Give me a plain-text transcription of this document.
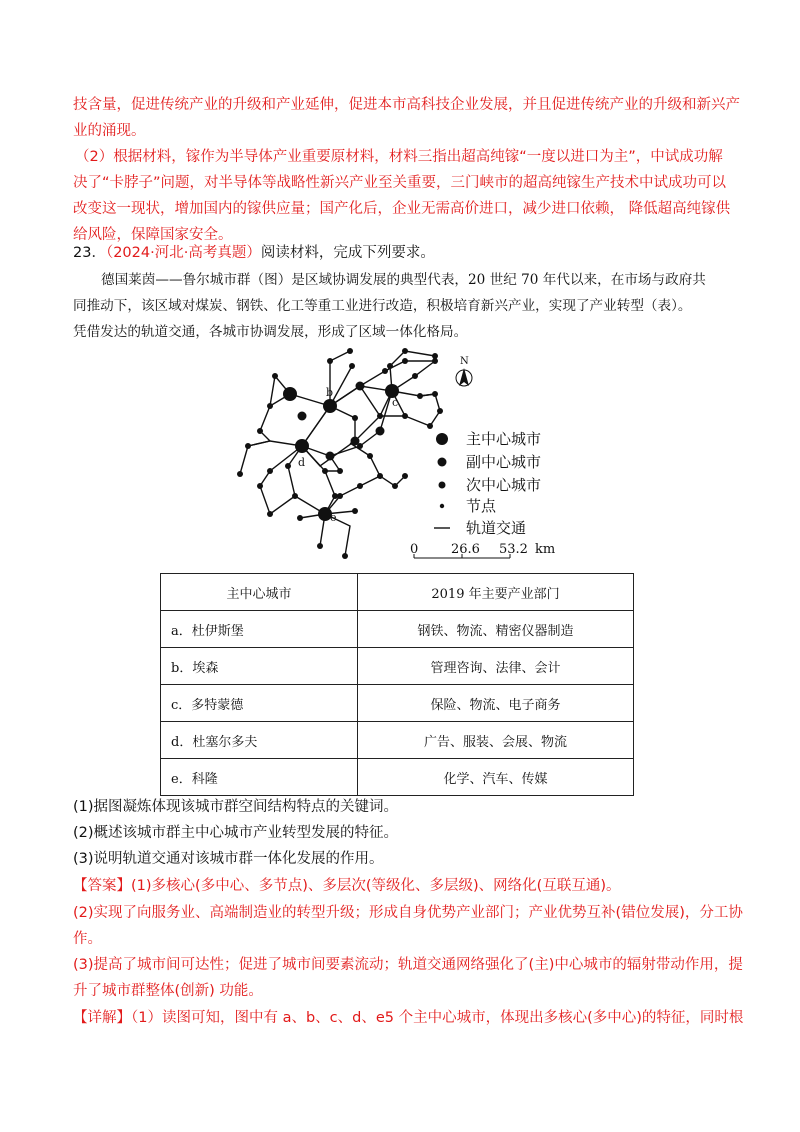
技含量，促进传统产业的升级和产业延伸，促进本市高科技企业发展，并且促进传统产业的升级和新兴产
业的涌现。
（2）根据材料，镓作为半导体产业重要原材料，材料三指出超高纯镓“一度以进口为主”，中试成功解
决了“卡脖子”问题，对半导体等战略性新兴产业至关重要，三门峡市的超高纯镓生产技术中试成功可以
改变这一现状，增加国内的镓供应量；国产化后，企业无需高价进口，减少进口依赖， 降低超高纯镓供
给风险，保障国家安全。
23．（2024·河北·高考真题）阅读材料，完成下列要求。
德国莱茵——鲁尔城市群（图）是区域协调发展的典型代表，20 世纪 70 年代以来，在市场与政府共
同推动下，该区域对煤炭、钢铁、化工等重工业进行改造，积极培育新兴产业，实现了产业转型（表）。
凭借发达的轨道交通，各城市协调发展，形成了区域一体化格局。
a	b
c
d
e
N
主中心城市
副中心城市
次中心城市
节点
轨道交通
0	26.6 53.2 km
主中心城市	2019 年主要产业部门
a．杜伊斯堡	钢铁、物流、精密仪器制造
b．埃森	管理咨询、法律、会计
c．多特蒙德	保险、物流、电子商务
d．杜塞尔多夫	广告、服装、会展、物流
e．科隆	化学、汽车、传媒
(1)据图凝炼体现该城市群空间结构特点的关键词。
(2)概述该城市群主中心城市产业转型发展的特征。
(3)说明轨道交通对该城市群一体化发展的作用。
【答案】(1)多核心(多中心、多节点)、多层次(等级化、多层级)、网络化(互联互通)。
(2)实现了向服务业、高端制造业的转型升级；形成自身优势产业部门；产业优势互补(错位发展)，分工协
作。
(3)提高了城市间可达性；促进了城市间要素流动；轨道交通网络强化了(主)中心城市的辐射带动作用，提
升了城市群整体(创新) 功能。
【详解】（1）读图可知，图中有 a、b、c、d、e5 个主中心城市，体现出多核心(多中心)的特征，同时根
